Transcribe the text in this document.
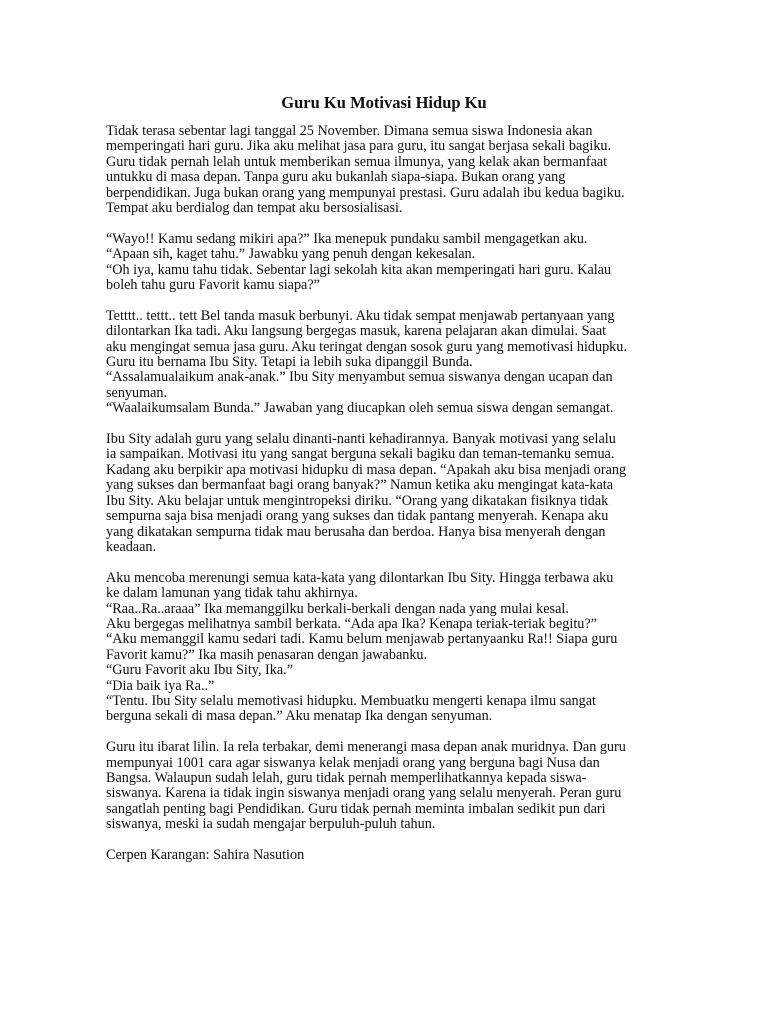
Guru Ku Motivasi Hidup Ku

Tidak terasa sebentar lagi tanggal 25 November. Dimana semua siswa Indonesia akan
memperingati hari guru. Jika aku melihat jasa para guru, itu sangat berjasa sekali bagiku.
Guru tidak pernah lelah untuk memberikan semua ilmunya, yang kelak akan bermanfaat
untukku di masa depan. Tanpa guru aku bukanlah siapa-siapa. Bukan orang yang
berpendidikan. Juga bukan orang yang mempunyai prestasi. Guru adalah ibu kedua bagiku.
Tempat aku berdialog dan tempat aku bersosialisasi.

“Wayo!! Kamu sedang mikiri apa?” Ika menepuk pundaku sambil mengagetkan aku.
“Apaan sih, kaget tahu.” Jawabku yang penuh dengan kekesalan.
“Oh iya, kamu tahu tidak. Sebentar lagi sekolah kita akan memperingati hari guru. Kalau
boleh tahu guru Favorit kamu siapa?”

Tetttt.. tettt.. tett Bel tanda masuk berbunyi. Aku tidak sempat menjawab pertanyaan yang
dilontarkan Ika tadi. Aku langsung bergegas masuk, karena pelajaran akan dimulai. Saat
aku mengingat semua jasa guru. Aku teringat dengan sosok guru yang memotivasi hidupku.
Guru itu bernama Ibu Sity. Tetapi ia lebih suka dipanggil Bunda.
“Assalamualaikum anak-anak.” Ibu Sity menyambut semua siswanya dengan ucapan dan
senyuman.
“Waalaikumsalam Bunda.” Jawaban yang diucapkan oleh semua siswa dengan semangat.

Ibu Sity adalah guru yang selalu dinanti-nanti kehadirannya. Banyak motivasi yang selalu
ia sampaikan. Motivasi itu yang sangat berguna sekali bagiku dan teman-temanku semua.
Kadang aku berpikir apa motivasi hidupku di masa depan. “Apakah aku bisa menjadi orang
yang sukses dan bermanfaat bagi orang banyak?” Namun ketika aku mengingat kata-kata
Ibu Sity. Aku belajar untuk mengintropeksi diriku. “Orang yang dikatakan fisiknya tidak
sempurna saja bisa menjadi orang yang sukses dan tidak pantang menyerah. Kenapa aku
yang dikatakan sempurna tidak mau berusaha dan berdoa. Hanya bisa menyerah dengan
keadaan.

Aku mencoba merenungi semua kata-kata yang dilontarkan Ibu Sity. Hingga terbawa aku
ke dalam lamunan yang tidak tahu akhirnya.
“Raa..Ra..araaa” Ika memanggilku berkali-berkali dengan nada yang mulai kesal.
Aku bergegas melihatnya sambil berkata. “Ada apa Ika? Kenapa teriak-teriak begitu?”
“Aku memanggil kamu sedari tadi. Kamu belum menjawab pertanyaanku Ra!! Siapa guru
Favorit kamu?” Ika masih penasaran dengan jawabanku.
“Guru Favorit aku Ibu Sity, Ika.”
“Dia baik iya Ra..”
“Tentu. Ibu Sity selalu memotivasi hidupku. Membuatku mengerti kenapa ilmu sangat
berguna sekali di masa depan.” Aku menatap Ika dengan senyuman.

Guru itu ibarat lilin. Ia rela terbakar, demi menerangi masa depan anak muridnya. Dan guru
mempunyai 1001 cara agar siswanya kelak menjadi orang yang berguna bagi Nusa dan
Bangsa. Walaupun sudah lelah, guru tidak pernah memperlihatkannya kepada siswa-
siswanya. Karena ia tidak ingin siswanya menjadi orang yang selalu menyerah. Peran guru
sangatlah penting bagi Pendidikan. Guru tidak pernah meminta imbalan sedikit pun dari
siswanya, meski ia sudah mengajar berpuluh-puluh tahun.

Cerpen Karangan: Sahira Nasution
